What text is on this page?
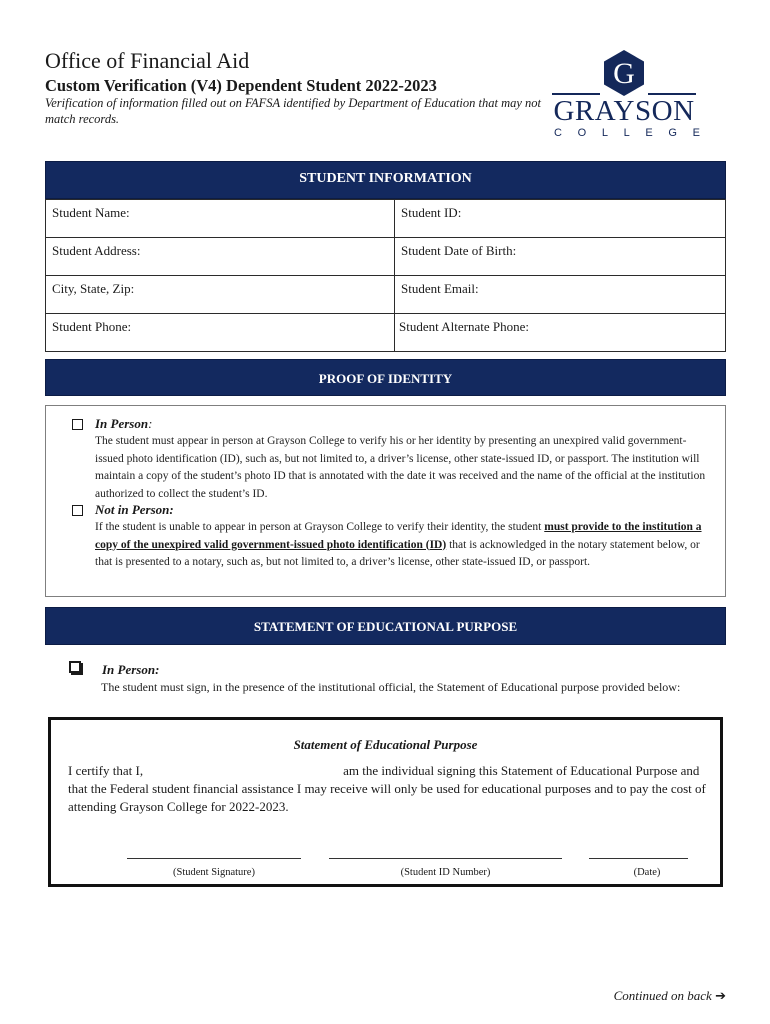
Office of Financial Aid
Custom Verification (V4) Dependent Student 2022-2023
Verification of information filled out on FAFSA identified by Department of Education that may not match records.
G
GRAYSON
C O L L E G E
STUDENT INFORMATION
Student Name:	Student ID:
Student Address:	Student Date of Birth:
City, State, Zip:	Student Email:
Student Phone:	Student Alternate Phone:
PROOF OF IDENTITY
In Person:
The student must appear in person at Grayson College to verify his or her identity by presenting an unexpired valid government-issued photo identification (ID), such as, but not limited to, a driver’s license, other state-issued ID, or passport. The institution will maintain a copy of the student’s photo ID that is annotated with the date it was received and the name of the official at the institution authorized to collect the student’s ID.
Not in Person:
If the student is unable to appear in person at Grayson College to verify their identity, the student must provide to the institution a copy of the unexpired valid government-issued photo identification (ID) that is acknowledged in the notary statement below, or that is presented to a notary, such as, but not limited to, a driver’s license, other state-issued ID, or passport.
STATEMENT OF EDUCATIONAL PURPOSE
In Person:
The student must sign, in the presence of the institutional official, the Statement of Educational purpose provided below:
Statement of Educational Purpose
I certify that I,	am the individual signing this Statement of Educational Purpose and that the Federal student financial assistance I may receive will only be used for educational purposes and to pay the cost of attending Grayson College for 2022-2023.
(Student Signature)	(Student ID Number)	(Date)
Continued on back ➔
